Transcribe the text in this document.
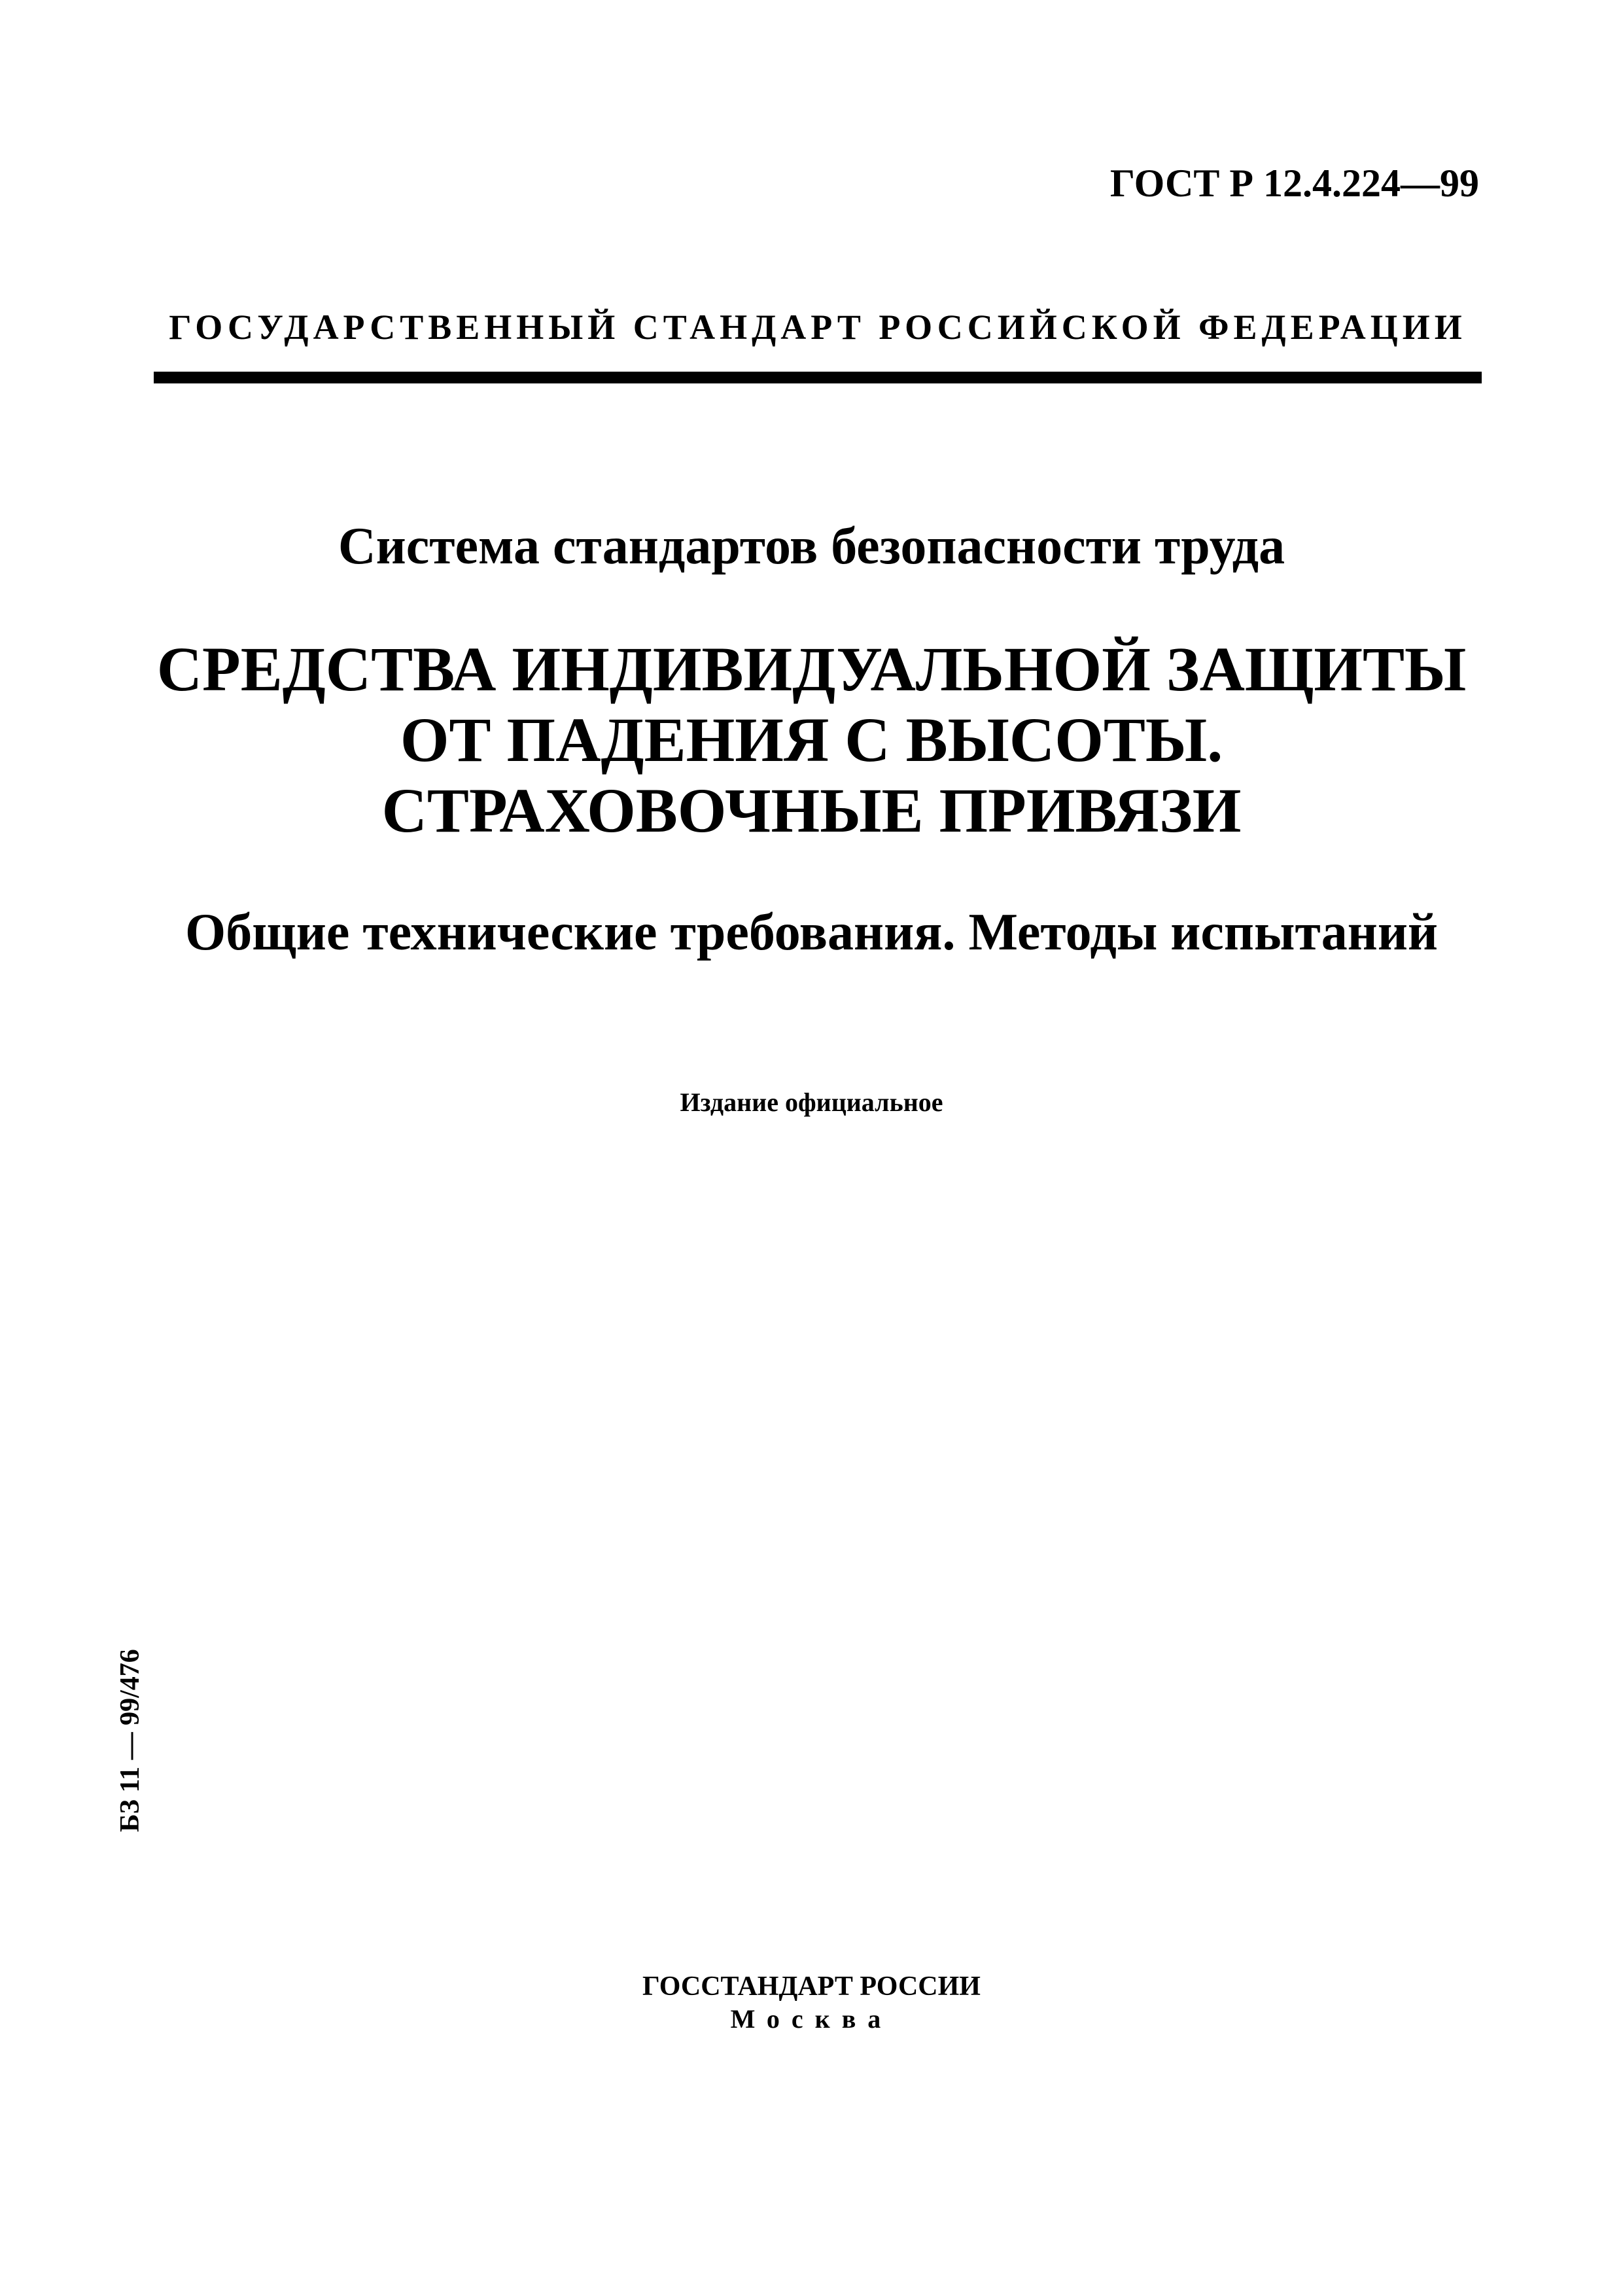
ГОСТ Р 12.4.224—99
ГОСУДАРСТВЕННЫЙ СТАНДАРТ РОССИЙСКОЙ ФЕДЕРАЦИИ
Система стандартов безопасности труда
СРЕДСТВА ИНДИВИДУАЛЬНОЙ ЗАЩИТЫ
ОТ ПАДЕНИЯ С ВЫСОТЫ.
СТРАХОВОЧНЫЕ ПРИВЯЗИ
Общие технические требования. Методы испытаний
Издание официальное
БЗ 11 — 99/476
ГОССТАНДАРТ РОССИИ
Москва
